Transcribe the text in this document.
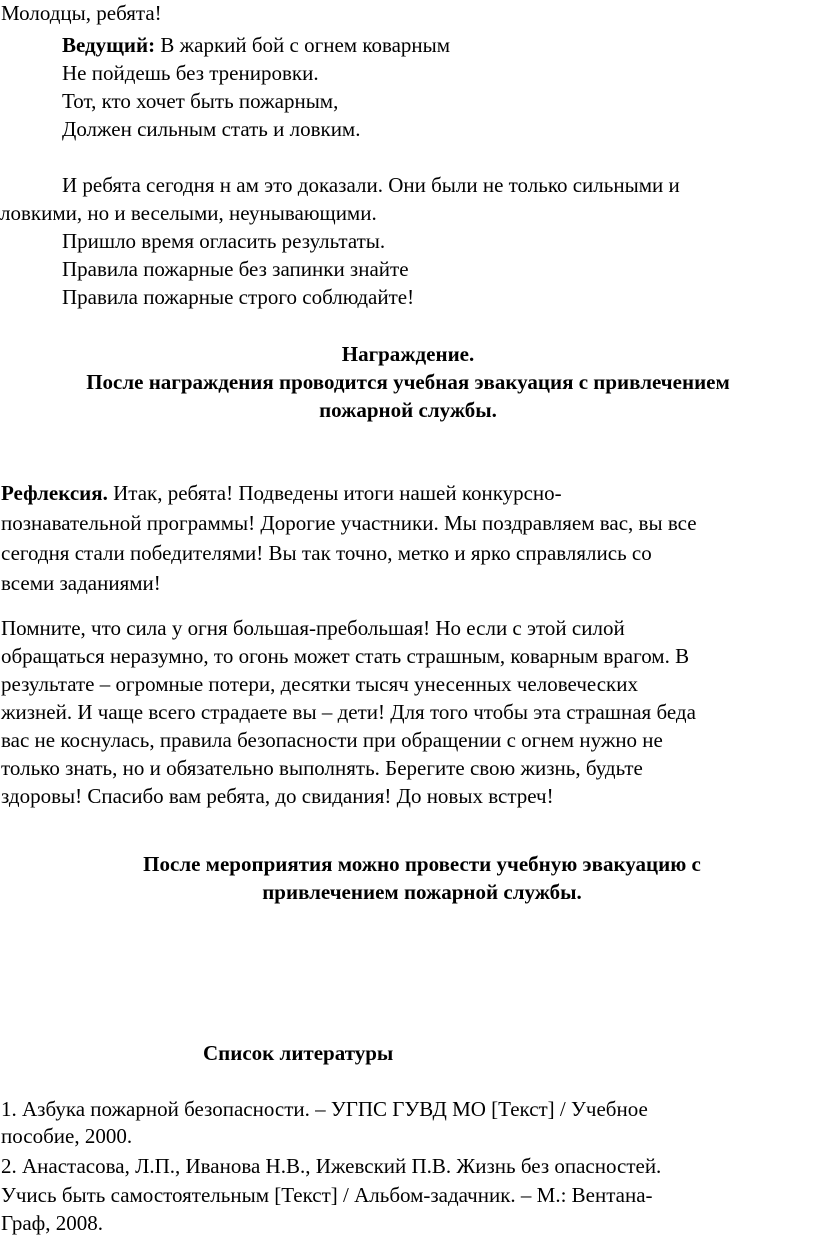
Молодцы, ребята!
Ведущий: В жаркий бой с огнем коварным
Не пойдешь без тренировки.
Тот, кто хочет быть пожарным,
Должен сильным стать и ловким.
И ребята сегодня н ам это доказали. Они были не только сильными и
ловкими, но и веселыми, неунывающими.
Пришло время огласить результаты.
Правила пожарные без запинки знайте
Правила пожарные строго соблюдайте!
Награждение.
После награждения проводится учебная эвакуация с привлечением
пожарной службы.
Рефлексия. Итак, ребята! Подведены итоги нашей конкурсно-
познавательной программы! Дорогие участники. Мы поздравляем вас, вы все
сегодня стали победителями! Вы так точно, метко и ярко справлялись со
всеми заданиями!
Помните, что сила у огня большая-пребольшая! Но если с этой силой
обращаться неразумно, то огонь может стать страшным, коварным врагом. В
результате – огромные потери, десятки тысяч унесенных человеческих
жизней. И чаще всего страдаете вы – дети! Для того чтобы эта страшная беда
вас не коснулась, правила безопасности при обращении с огнем нужно не
только знать, но и обязательно выполнять. Берегите свою жизнь, будьте
здоровы! Спасибо вам ребята, до свидания! До новых встреч!
После мероприятия можно провести учебную эвакуацию с
привлечением пожарной службы.
Список литературы
1. Азбука пожарной безопасности. – УГПС ГУВД МО [Текст] / Учебное
пособие, 2000.
2. Анастасова, Л.П., Иванова Н.В., Ижевский П.В. Жизнь без опасностей.
Учись быть самостоятельным [Текст] / Альбом-задачник. – М.: Вентана-
Граф, 2008.
